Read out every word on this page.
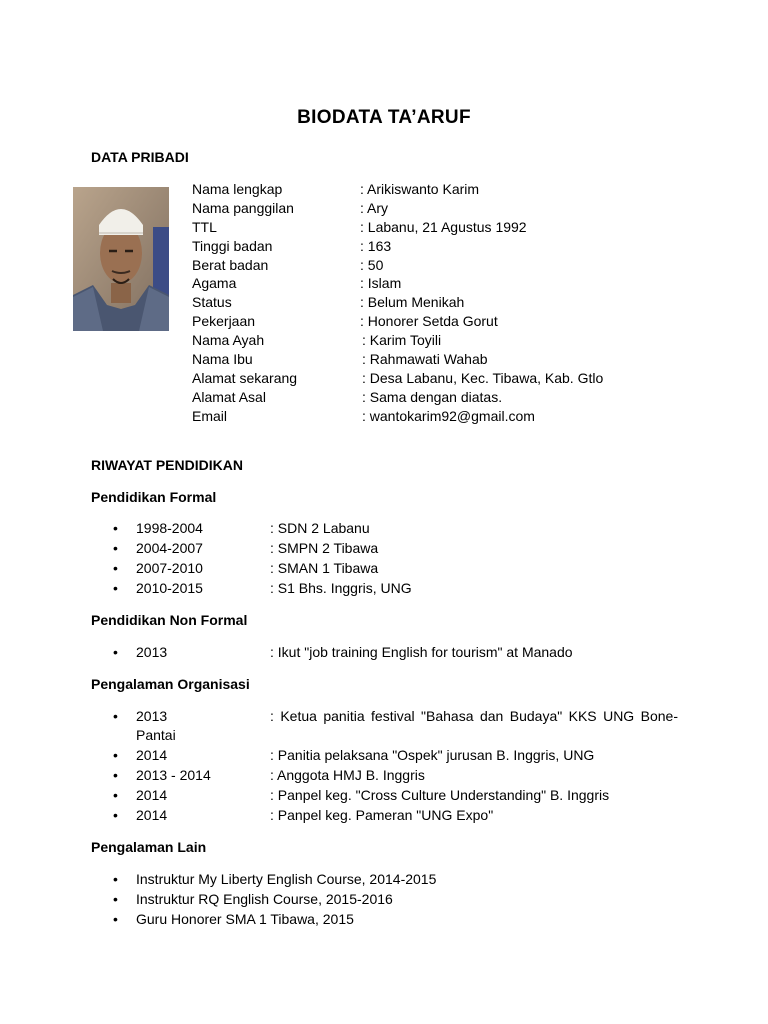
BIODATA TA’ARUF
DATA PRIBADI
Nama lengkap	: Arikiswanto Karim
Nama panggilan	: Ary
TTL	: Labanu, 21 Agustus 1992
Tinggi badan	: 163
Berat badan	: 50
Agama	: Islam
Status	: Belum Menikah
Pekerjaan	: Honorer Setda Gorut
Nama Ayah	: Karim Toyili
Nama Ibu	: Rahmawati Wahab
Alamat sekarang	: Desa Labanu, Kec. Tibawa, Kab. Gtlo
Alamat Asal	: Sama dengan diatas.
Email	: wantokarim92@gmail.com
RIWAYAT PENDIDIKAN
Pendidikan Formal
• 1998-2004	: SDN 2 Labanu
• 2004-2007	: SMPN 2 Tibawa
• 2007-2010	: SMAN 1 Tibawa
• 2010-2015	: S1 Bhs. Inggris, UNG
Pendidikan Non Formal
• 2013	: Ikut "job training English for tourism" at Manado
Pengalaman Organisasi
• 2013	: Ketua panitia festival "Bahasa dan Budaya" KKS UNG Bone-
Pantai
• 2014	: Panitia pelaksana "Ospek" jurusan B. Inggris, UNG
• 2013 - 2014	: Anggota HMJ B. Inggris
• 2014	: Panpel keg. "Cross Culture Understanding" B. Inggris
• 2014	: Panpel keg. Pameran "UNG Expo"
Pengalaman Lain
• Instruktur My Liberty English Course, 2014-2015
• Instruktur RQ English Course, 2015-2016
• Guru Honorer SMA 1 Tibawa, 2015
